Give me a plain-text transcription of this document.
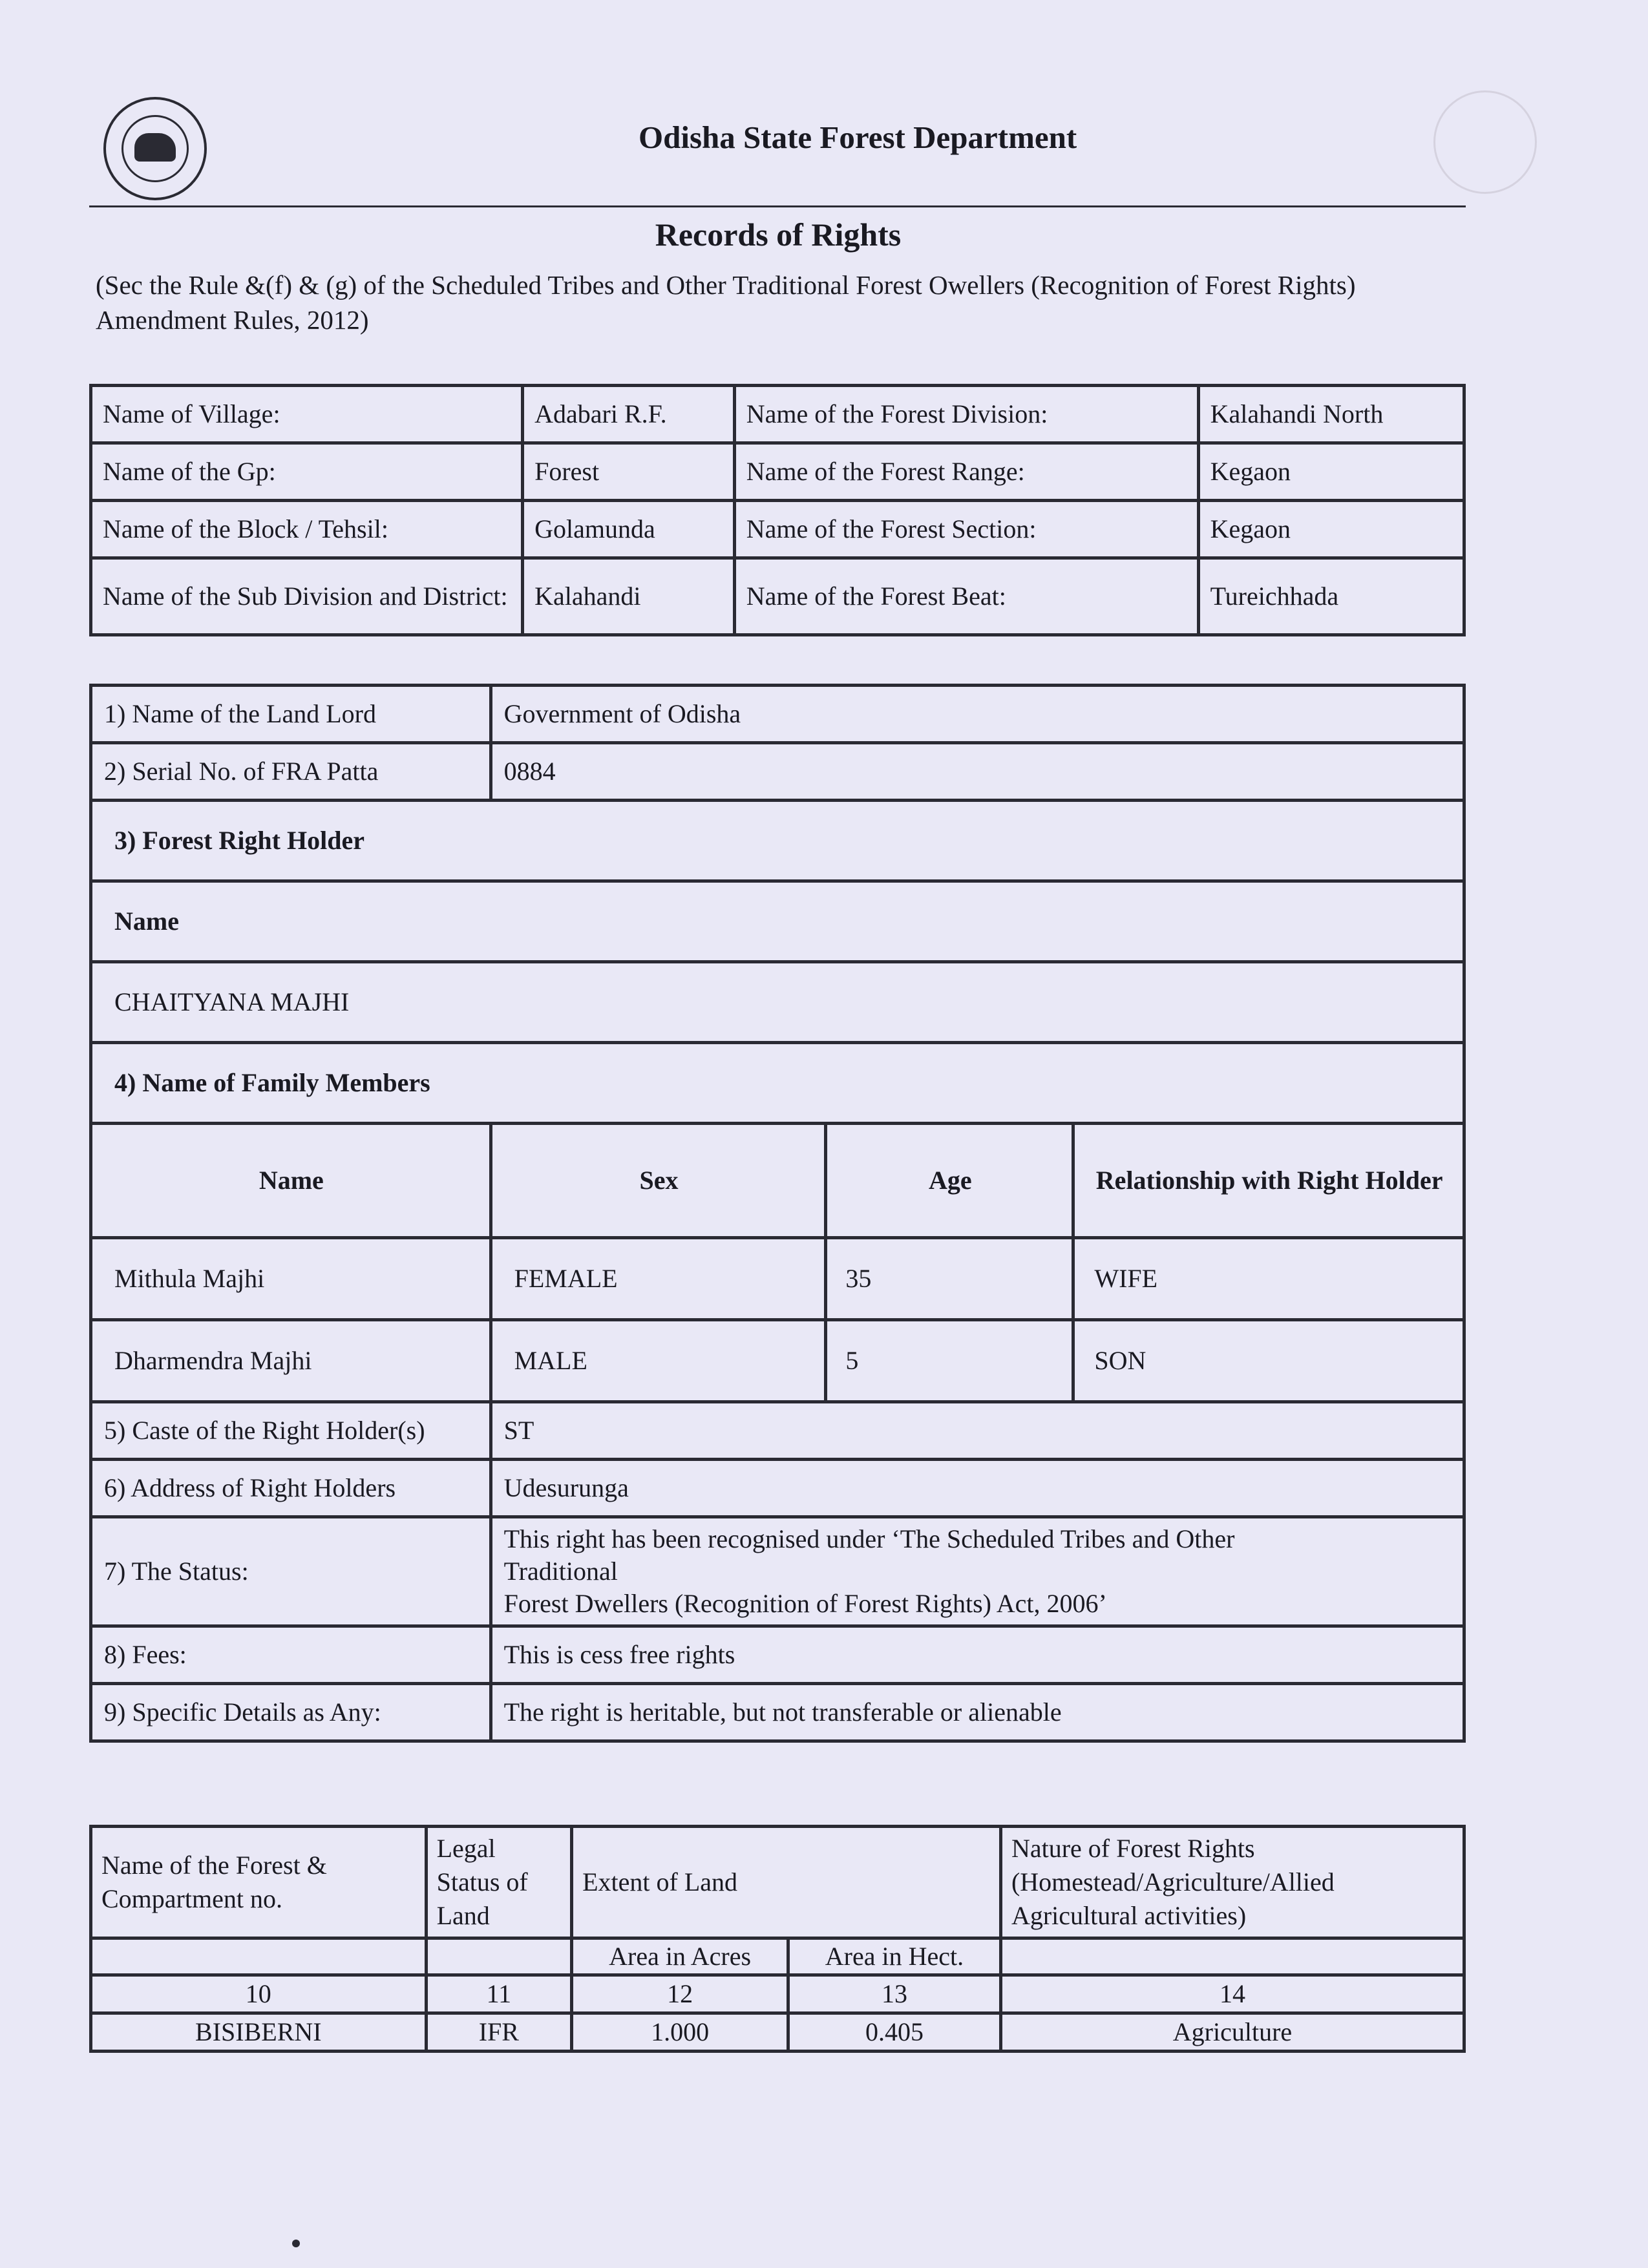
Odisha State Forest Department
Records of Rights
(Sec the Rule &(f) & (g) of the Scheduled Tribes and Other Traditional Forest Owellers (Recognition of Forest Rights) Amendment Rules, 2012)
Name of Village:	Adabari R.F.	Name of the Forest Division:	Kalahandi North
Name of the Gp:	Forest	Name of the Forest Range:	Kegaon
Name of the Block / Tehsil:	Golamunda	Name of the Forest Section:	Kegaon
Name of the Sub Division and District:	Kalahandi	Name of the Forest Beat:	Tureichhada
1) Name of the Land Lord	Government of Odisha		
2) Serial No. of FRA Patta	0884		
3) Forest Right Holder			
Name			
CHAITYANA MAJHI			
4) Name of Family Members			
Name	Sex	Age	Relationship with Right Holder
Mithula Majhi	FEMALE	35	WIFE
Dharmendra Majhi	MALE	5	SON
5) Caste of the Right Holder(s)	ST		
6) Address of Right Holders	Udesurunga		
7) The Status:	This right has been recognised under ‘The Scheduled Tribes and Other
Traditional
Forest Dwellers (Recognition of Forest Rights) Act, 2006’		

8) Fees:	This is cess free rights		
9) Specific Details as Any:	The right is heritable, but not transferable or alienable		
Name of the Forest & Compartment no.	Legal Status of Land	Extent of Land		Nature of Forest Rights (Homestead/Agriculture/Allied Agricultural activities)
		Area in Acres	Area in Hect.	
10	11	12	13	14
BISIBERNI	IFR	1.000	0.405	Agriculture
